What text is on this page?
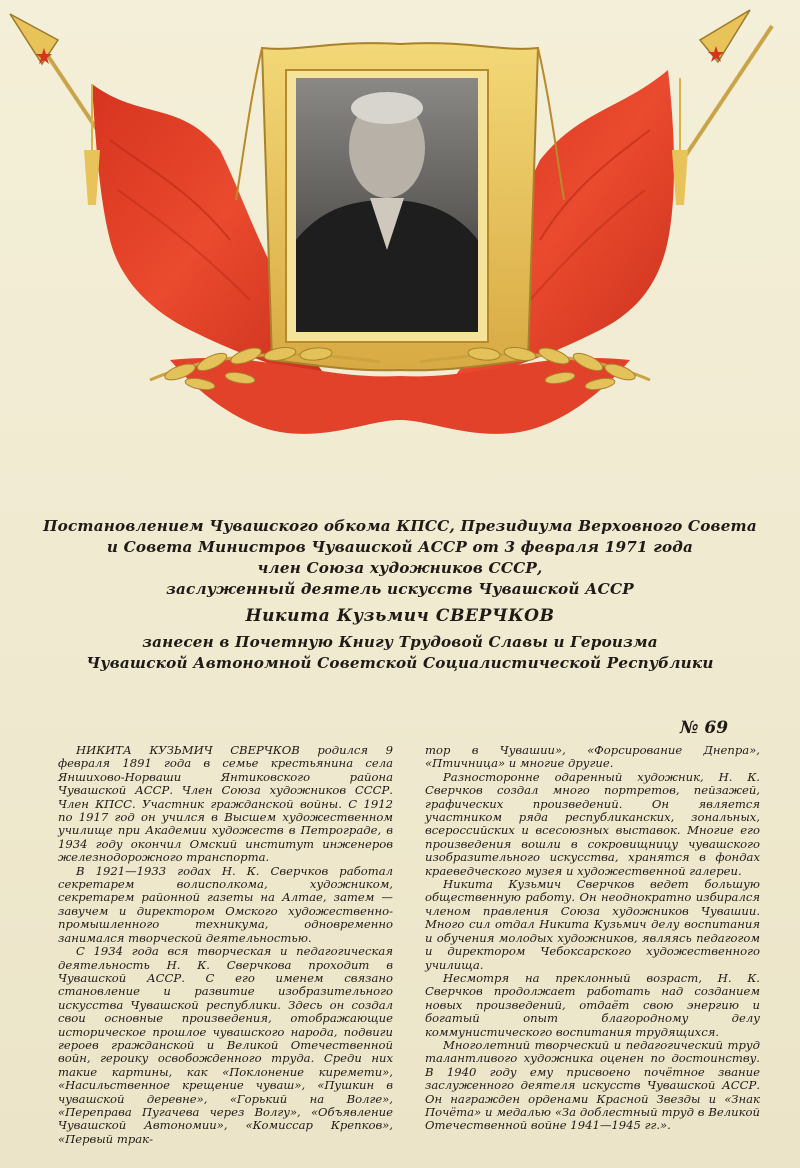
Постановлением Чувашского обкома КПСС, Президиума Верховного Совета
и Совета Министров Чувашской АССР от 3 февраля 1971 года
член Союза художников СССР,
заслуженный деятель искусств Чувашской АССР
Никита Кузьмич СВЕРЧКОВ
занесен в Почетную Книгу Трудовой Славы и Героизма
Чувашской Автономной Советской Социалистической Республики
№ 69

НИКИТА КУЗЬМИЧ СВЕРЧКОВ родился 9 февраля 1891 года в семье крестьянина села Яншихово-Норваши Янтиковского района Чувашской АССР. Член Союза художников СССР. Член КПСС. Участник гражданской войны. С 1912 по 1917 год он учился в Высшем художественном училище при Академии художеств в Петрограде, в 1934 году окончил Омский институт инженеров железнодорожного транспорта.

В 1921—1933 годах Н. К. Сверчков работал секретарем волисполкома, художником, секретарем районной газеты на Алтае, затем — завучем и директором Омского художественно-промышленного техникума, одновременно занимался творческой деятельностью.

С 1934 года вся творческая и педагогическая деятельность Н. К. Сверчкова проходит в Чувашской АССР. С его именем связано становление и развитие изобразительного искусства Чувашской республики. Здесь он создал свои основные произведения, отображающие историческое прошлое чувашского народа, подвиги героев гражданской и Великой Отечественной войн, героику освобожденного труда. Среди них такие картины, как «Поклонение киремети», «Насильственное крещение чуваш», «Пушкин в чувашской деревне», «Горький на Волге», «Переправа Пугачева через Волгу», «Объявление Чувашской Автономии», «Комиссар Крепков», «Первый трак-

тор в Чувашии», «Форсирование Днепра», «Птичница» и многие другие.

Разносторонне одаренный художник, Н. К. Сверчков создал много портретов, пейзажей, графических произведений. Он является участником ряда республиканских, зональных, всероссийских и всесоюзных выставок. Многие его произведения вошли в сокровищницу чувашского изобразительного искусства, хранятся в фондах краеведческого музея и художественной галереи.

Никита Кузьмич Сверчков ведет большую общественную работу. Он неоднократно избирался членом правления Союза художников Чувашии. Много сил отдал Никита Кузьмич делу воспитания и обучения молодых художников, являясь педагогом и директором Чебоксарского художественного училища.

Несмотря на преклонный возраст, Н. К. Сверчков продолжает работать над созданием новых произведений, отдаёт свою энергию и богатый опыт благородному делу коммунистического воспитания трудящихся.

Многолетний творческий и педагогический труд талантливого художника оценен по достоинству. В 1940 году ему присвоено почётное звание заслуженного деятеля искусств Чувашской АССР. Он награжден орденами Красной Звезды и «Знак Почёта» и медалью «За доблестный труд в Великой Отечественной войне 1941—1945 гг.».
